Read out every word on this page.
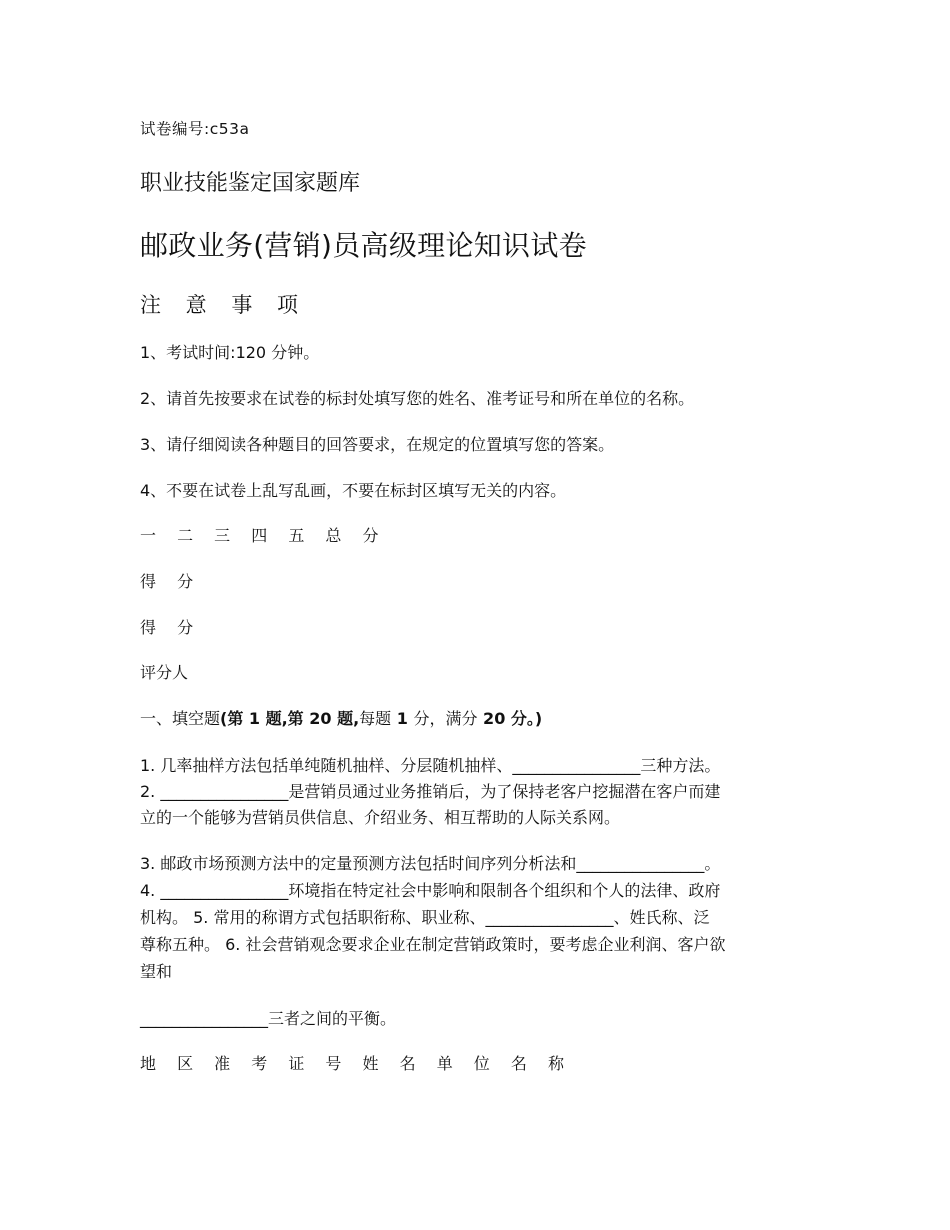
试卷编号:c53a
职业技能鉴定国家题库
邮政业务(营销)员高级理论知识试卷
注 意 事 项
1、考试时间:120 分钟。
2、请首先按要求在试卷的标封处填写您的姓名、准考证号和所在单位的名称。
3、请仔细阅读各种题目的回答要求，在规定的位置填写您的答案。
4、不要在试卷上乱写乱画，不要在标封区填写无关的内容。
一 二 三 四 五 总 分
得 分
得 分
评分人
一、填空题(第 1 题,第 20 题,每题 1 分，满分 20 分。)
1. 几率抽样方法包括单纯随机抽样、分层随机抽样、________________三种方法。
2. ________________是营销员通过业务推销后，为了保持老客户挖掘潜在客户而建
立的一个能够为营销员供信息、介绍业务、相互帮助的人际关系网。
3. 邮政市场预测方法中的定量预测方法包括时间序列分析法和________________。
4. ________________环境指在特定社会中影响和限制各个组织和个人的法律、政府
机构。 5. 常用的称谓方式包括职衔称、职业称、________________、姓氏称、泛
尊称五种。 6. 社会营销观念要求企业在制定营销政策时，要考虑企业利润、客户欲
望和
________________三者之间的平衡。
地 区 准 考 证 号 姓 名 单 位 名 称
